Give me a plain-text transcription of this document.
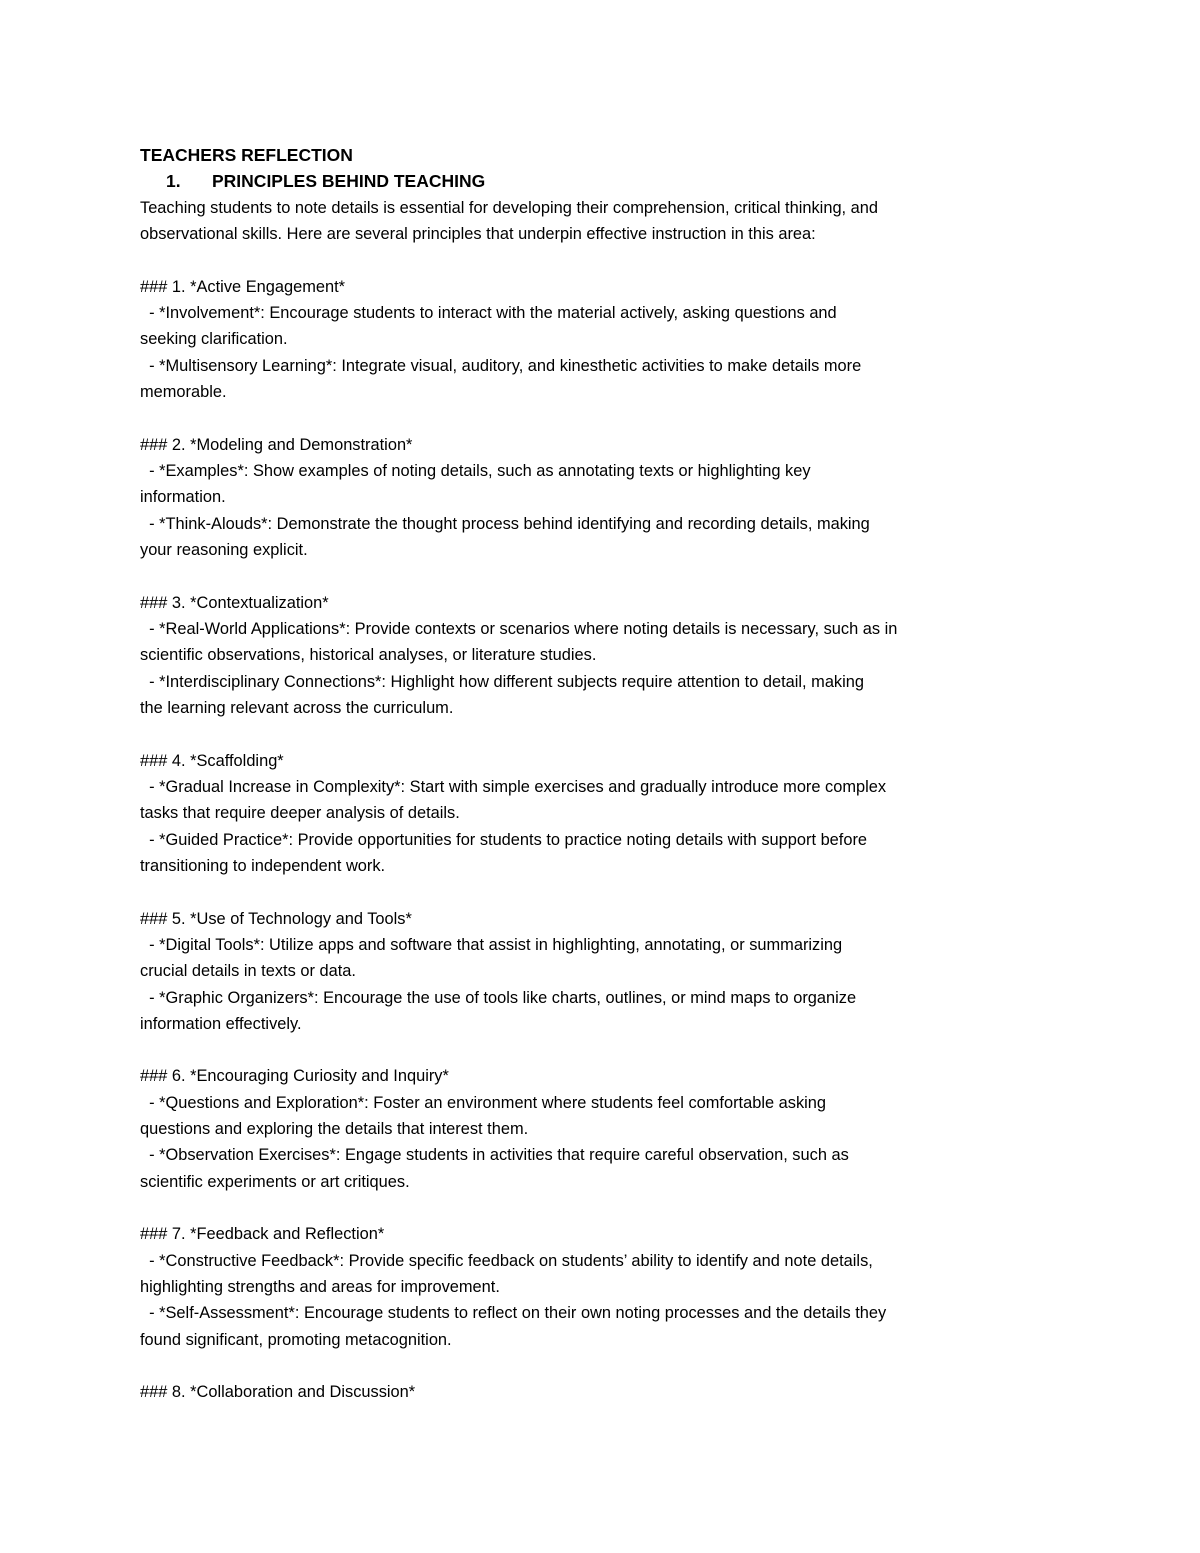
TEACHERS REFLECTION
1. PRINCIPLES BEHIND TEACHING
Teaching students to note details is essential for developing their comprehension, critical thinking, and
observational skills. Here are several principles that underpin effective instruction in this area:
### 1. *Active Engagement*
- *Involvement*: Encourage students to interact with the material actively, asking questions and
seeking clarification.
- *Multisensory Learning*: Integrate visual, auditory, and kinesthetic activities to make details more
memorable.
### 2. *Modeling and Demonstration*
- *Examples*: Show examples of noting details, such as annotating texts or highlighting key
information.
- *Think-Alouds*: Demonstrate the thought process behind identifying and recording details, making
your reasoning explicit.
### 3. *Contextualization*
- *Real-World Applications*: Provide contexts or scenarios where noting details is necessary, such as in
scientific observations, historical analyses, or literature studies.
- *Interdisciplinary Connections*: Highlight how different subjects require attention to detail, making
the learning relevant across the curriculum.
### 4. *Scaffolding*
- *Gradual Increase in Complexity*: Start with simple exercises and gradually introduce more complex
tasks that require deeper analysis of details.
- *Guided Practice*: Provide opportunities for students to practice noting details with support before
transitioning to independent work.
### 5. *Use of Technology and Tools*
- *Digital Tools*: Utilize apps and software that assist in highlighting, annotating, or summarizing
crucial details in texts or data.
- *Graphic Organizers*: Encourage the use of tools like charts, outlines, or mind maps to organize
information effectively.
### 6. *Encouraging Curiosity and Inquiry*
- *Questions and Exploration*: Foster an environment where students feel comfortable asking
questions and exploring the details that interest them.
- *Observation Exercises*: Engage students in activities that require careful observation, such as
scientific experiments or art critiques.
### 7. *Feedback and Reflection*
- *Constructive Feedback*: Provide specific feedback on students’ ability to identify and note details,
highlighting strengths and areas for improvement.
- *Self-Assessment*: Encourage students to reflect on their own noting processes and the details they
found significant, promoting metacognition.
### 8. *Collaboration and Discussion*
